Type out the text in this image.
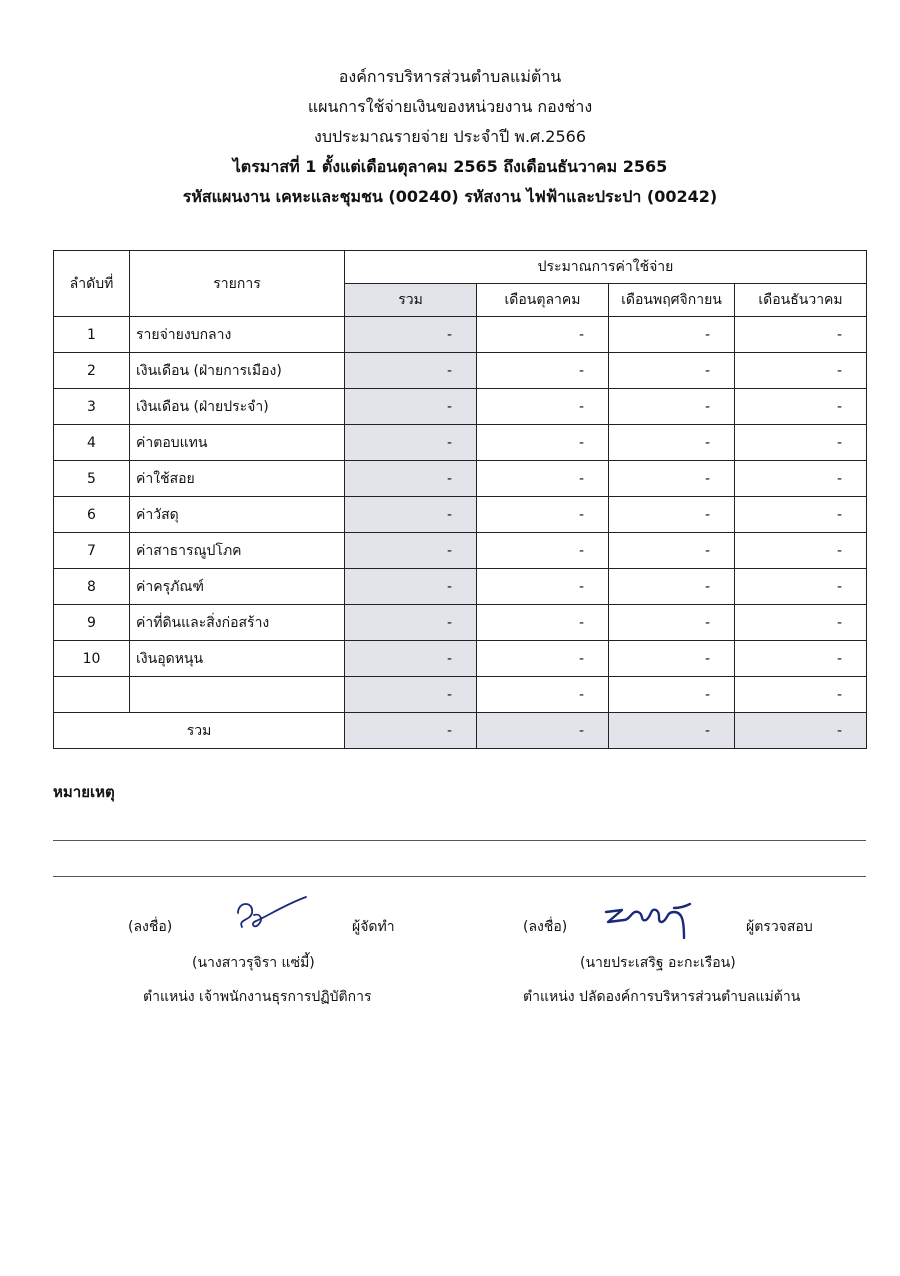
องค์การบริหารส่วนตำบลแม่ต้าน
แผนการใช้จ่ายเงินของหน่วยงาน กองช่าง
งบประมาณรายจ่าย ประจำปี พ.ศ.2566
ไตรมาสที่ 1 ตั้งแต่เดือนตุลาคม 2565 ถึงเดือนธันวาคม 2565
รหัสแผนงาน เคหะและชุมชน (00240) รหัสงาน ไฟฟ้าและประปา (00242)
ลำดับที่	รายการ	ประมาณการค่าใช้จ่าย			
		รวม	เดือนตุลาคม	เดือนพฤศจิกายน	เดือนธันวาคม
1	รายจ่ายงบกลาง	-	-	-	-
2	เงินเดือน (ฝ่ายการเมือง)	-	-	-	-
3	เงินเดือน (ฝ่ายประจำ)	-	-	-	-
4	ค่าตอบแทน	-	-	-	-
5	ค่าใช้สอย	-	-	-	-
6	ค่าวัสดุ	-	-	-	-
7	ค่าสาธารณูปโภค	-	-	-	-
8	ค่าครุภัณฑ์	-	-	-	-
9	ค่าที่ดินและสิ่งก่อสร้าง	-	-	-	-
10	เงินอุดหนุน	-	-	-	-
		-	-	-	-
รวม		-	-	-	-
หมายเหตุ
(ลงชื่อ)	ผู้จัดทำ
(นางสาวรุจิรา แซ่มี้)
ตำแหน่ง เจ้าพนักงานธุรการปฏิบัติการ
(ลงชื่อ)	ผู้ตรวจสอบ
(นายประเสริฐ อะกะเรือน)
ตำแหน่ง ปลัดองค์การบริหารส่วนตำบลแม่ต้าน
